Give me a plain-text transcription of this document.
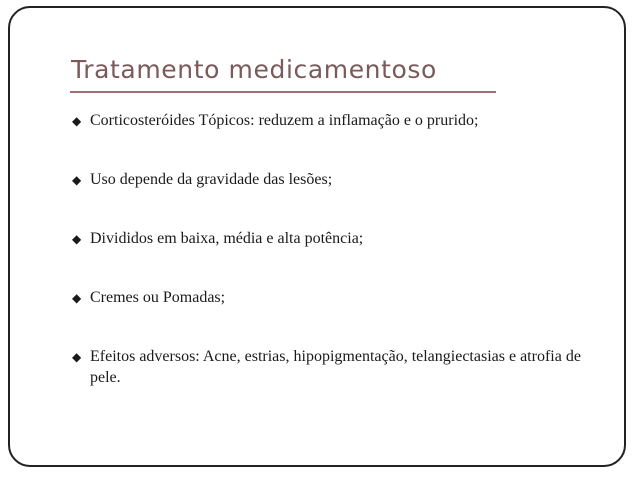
Tratamento medicamentoso
◆ Corticosteróides Tópicos: reduzem a inflamação e o prurido;
◆ Uso depende da gravidade das lesões;
◆ Divididos em baixa, média e alta potência;
◆ Cremes ou Pomadas;
◆ Efeitos adversos: Acne, estrias, hipopigmentação, telangiectasias e atrofia de pele.
